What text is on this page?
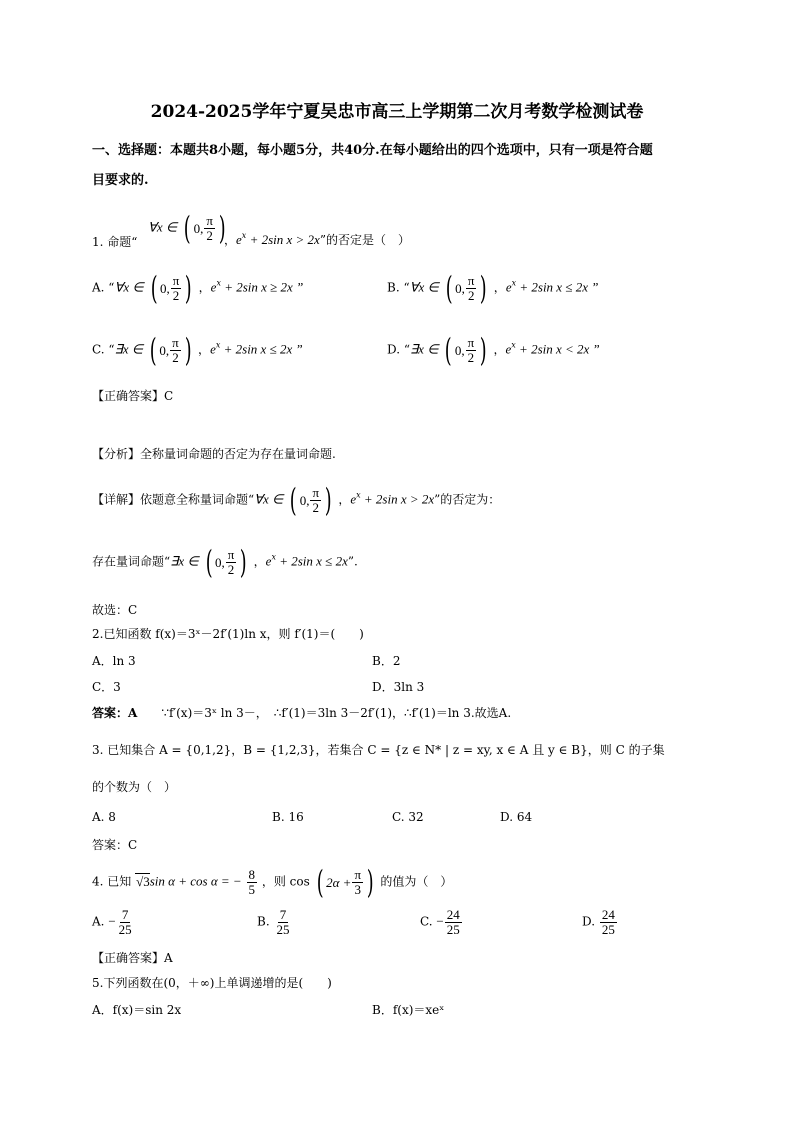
2024-2025学年宁夏吴忠市高三上学期第二次月考数学检测试卷
一、选择题：本题共8小题，每小题5分，共40分.在每小题给出的四个选项中，只有一项是符合题
目要求的.
∀x ∈ ( 0, $\frac{\pi}{2}$ )
1. 命题“	，$e^x + 2\sin$ x > 2x”的否定是（　）
A. “∀x ∈ ( 0, $\frac{\pi}{2}$ ) ，$e^x + 2\sin$ x ≥ 2x ”	B. “∀x ∈ ( 0, $\frac{\pi}{2}$ ) ，$e^x + 2\sin$ x ≤ 2x ”
C. “∃x ∈ ( 0, $\frac{\pi}{2}$ ) ，$e^x + 2\sin$ x ≤ 2x ”	D. “∃x ∈ ( 0, $\frac{\pi}{2}$ ) ，$e^x + 2\sin$ x < 2x ”
【正确答案】C
【分析】全称量词命题的否定为存在量词命题.
【详解】依题意全称量词命题“∀x ∈ ( 0, $\frac{\pi}{2}$ ) ，$e^x + 2\sin$ x > 2x”的否定为：
存在量词命题“∃x ∈ ( 0, $\frac{\pi}{2}$ ) ，$e^x + 2\sin$ x ≤ 2x”.
故选：C
2.已知函数 f(x)＝3ˣ－2f′(1)ln x，则 f′(1)＝(　　)
A．ln 3	B．2
C．3	D．3ln 3
答案：A ∵f′(x)＝3ˣ ln 3－，　∴f′(1)＝3ln 3－2f′(1)，∴f′(1)＝ln 3.故选A.
3. 已知集合 A = {0,1,2}，B = {1,2,3}，若集合 C = {z ∈ N* | z = xy, x ∈ A 且 y ∈ B}，则 C 的子集
的个数为（　）
A. 8	B. 16	C. 32	D. 64
答案：C
4. 已知 √3sin α + cos α = − $\frac{8}{5}$ ，则 cos ( $2\alpha + \frac{\pi}{3}$ ) 的值为（　）
A. − $\frac{7}{25}$	B. $\frac{7}{25}$	C. − $\frac{24}{25}$	D. $\frac{24}{25}$
【正确答案】A
5.下列函数在(0，＋∞)上单调递增的是(　　)
A．f(x)＝sin 2x	B．f(x)＝xeˣ
